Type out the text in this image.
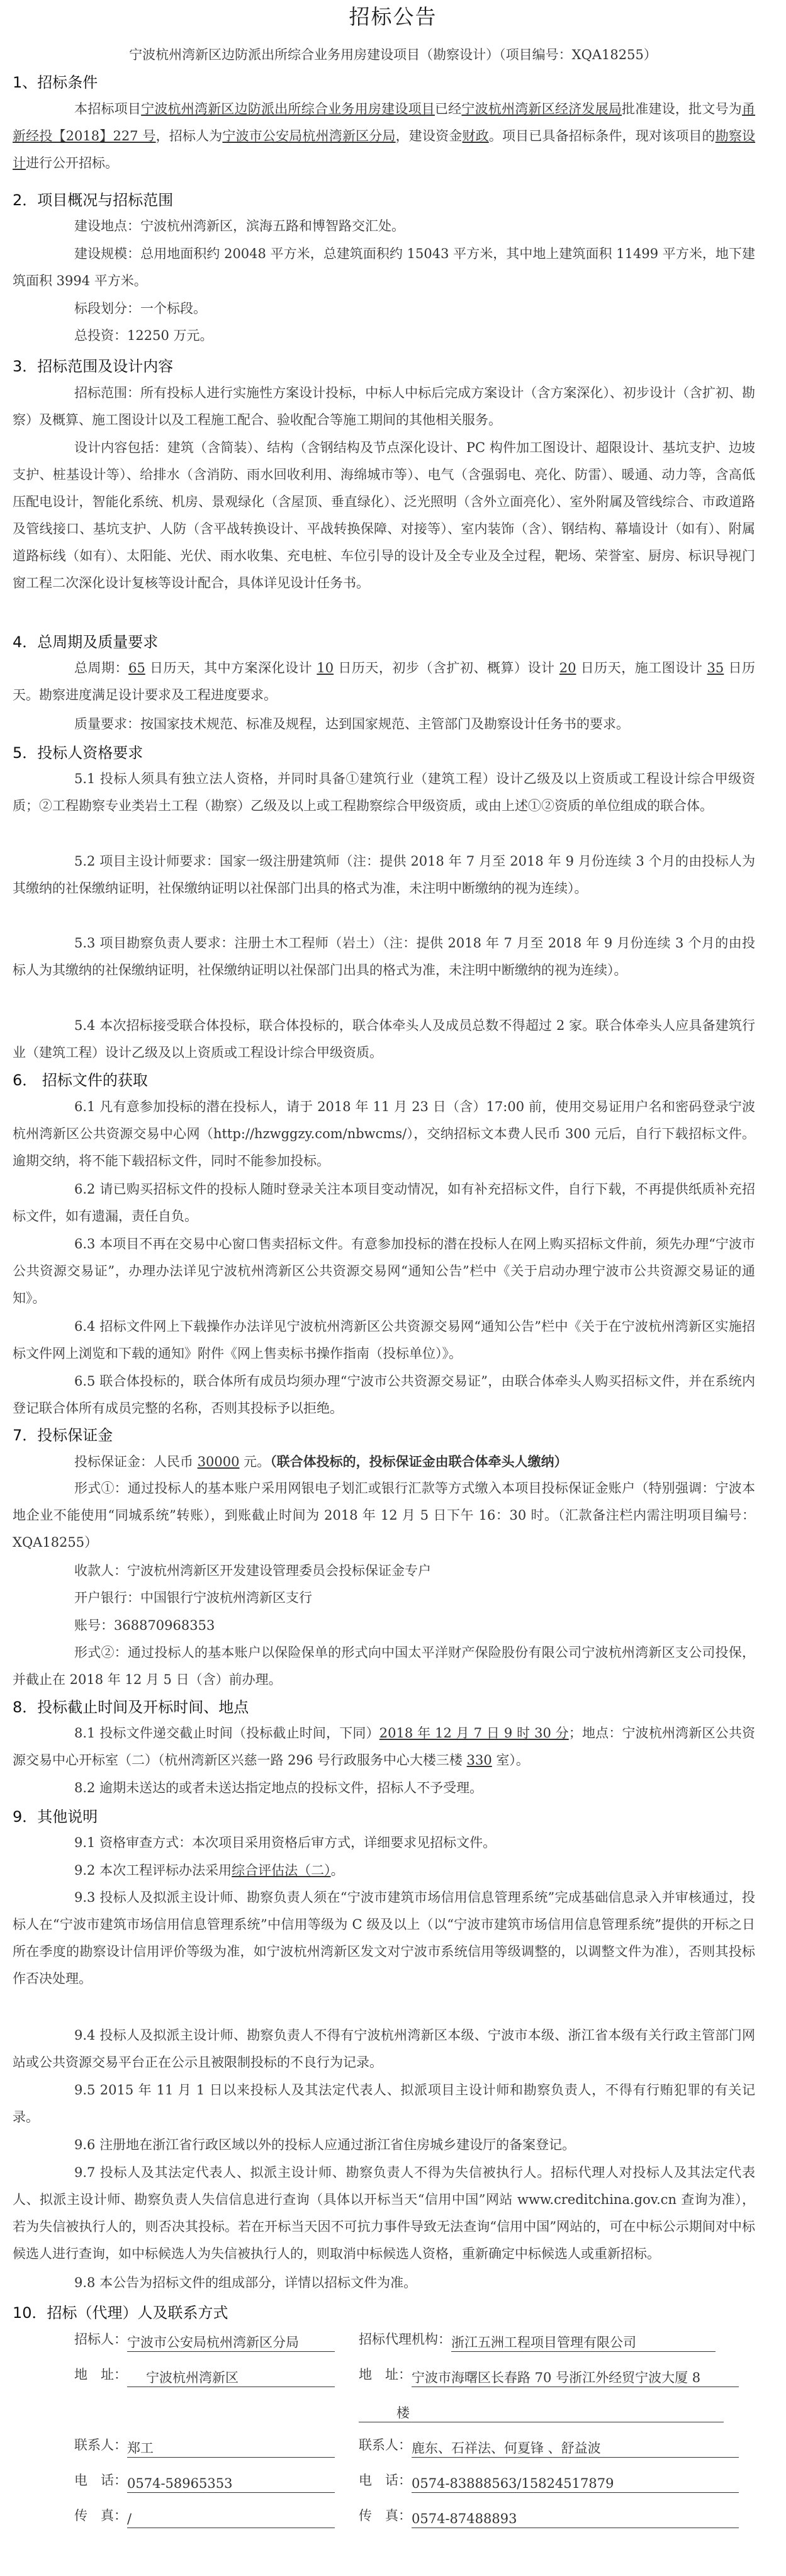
招标公告
宁波杭州湾新区边防派出所综合业务用房建设项目（勘察设计）（项目编号：XQA18255）
1、招标条件
本招标项目宁波杭州湾新区边防派出所综合业务用房建设项目已经宁波杭州湾新区经济发展局批准建设，批文号为甬新经投【2018】227 号，招标人为宁波市公安局杭州湾新区分局，建设资金财政。项目已具备招标条件，现对该项目的勘察设计进行公开招标。
2．项目概况与招标范围
建设地点：宁波杭州湾新区，滨海五路和博智路交汇处。
建设规模：总用地面积约 20048 平方米，总建筑面积约 15043 平方米，其中地上建筑面积 11499 平方米，地下建筑面积 3994 平方米。
标段划分：一个标段。
总投资：12250 万元。
3．招标范围及设计内容
招标范围：所有投标人进行实施性方案设计投标，中标人中标后完成方案设计（含方案深化）、初步设计（含扩初、勘察）及概算、施工图设计以及工程施工配合、验收配合等施工期间的其他相关服务。
设计内容包括：建筑（含简装）、结构（含钢结构及节点深化设计、PC 构件加工图设计、超限设计、基坑支护、边坡支护、桩基设计等）、给排水（含消防、雨水回收利用、海绵城市等）、电气（含强弱电、亮化、防雷）、暖通、动力等，含高低压配电设计，智能化系统、机房、景观绿化（含屋顶、垂直绿化）、泛光照明（含外立面亮化）、室外附属及管线综合、市政道路及管线接口、基坑支护、人防（含平战转换设计、平战转换保障、对接等）、室内装饰（含）、钢结构、幕墙设计（如有）、附属道路标线（如有）、太阳能、光伏、雨水收集、充电桩、车位引导的设计及全专业及全过程，靶场、荣誉室、厨房、标识导视门窗工程二次深化设计复核等设计配合，具体详见设计任务书。
4．总周期及质量要求
总周期：65 日历天，其中方案深化设计 10 日历天，初步（含扩初、概算）设计 20 日历天，施工图设计 35 日历天。勘察进度满足设计要求及工程进度要求。
质量要求：按国家技术规范、标准及规程，达到国家规范、主管部门及勘察设计任务书的要求。
5．投标人资格要求
5.1 投标人须具有独立法人资格，并同时具备①建筑行业（建筑工程）设计乙级及以上资质或工程设计综合甲级资质；②工程勘察专业类岩土工程（勘察）乙级及以上或工程勘察综合甲级资质，或由上述①②资质的单位组成的联合体。
5.2 项目主设计师要求：国家一级注册建筑师（注：提供 2018 年 7 月至 2018 年 9 月份连续 3 个月的由投标人为其缴纳的社保缴纳证明，社保缴纳证明以社保部门出具的格式为准，未注明中断缴纳的视为连续）。
5.3 项目勘察负责人要求：注册土木工程师（岩土）（注：提供 2018 年 7 月至 2018 年 9 月份连续 3 个月的由投标人为其缴纳的社保缴纳证明，社保缴纳证明以社保部门出具的格式为准，未注明中断缴纳的视为连续）。
5.4 本次招标接受联合体投标，联合体投标的，联合体牵头人及成员总数不得超过 2 家。联合体牵头人应具备建筑行业（建筑工程）设计乙级及以上资质或工程设计综合甲级资质。
6． 招标文件的获取
6.1 凡有意参加投标的潜在投标人，请于 2018 年 11 月 23 日（含）17:00 前，使用交易证用户名和密码登录宁波杭州湾新区公共资源交易中心网（http://hzwggzy.com/nbwcms/），交纳招标文本费人民币 300 元后，自行下载招标文件。逾期交纳，将不能下载招标文件，同时不能参加投标。
6.2 请已购买招标文件的投标人随时登录关注本项目变动情况，如有补充招标文件，自行下载，不再提供纸质补充招标文件，如有遗漏，责任自负。
6.3 本项目不再在交易中心窗口售卖招标文件。有意参加投标的潜在投标人在网上购买招标文件前，须先办理“宁波市公共资源交易证”，办理办法详见宁波杭州湾新区公共资源交易网“通知公告”栏中《关于启动办理宁波市公共资源交易证的通知》。
6.4 招标文件网上下载操作办法详见宁波杭州湾新区公共资源交易网“通知公告”栏中《关于在宁波杭州湾新区实施招标文件网上浏览和下载的通知》附件《网上售卖标书操作指南（投标单位）》。
6.5 联合体投标的，联合体所有成员均须办理“宁波市公共资源交易证”，由联合体牵头人购买招标文件，并在系统内登记联合体所有成员完整的名称，否则其投标予以拒绝。
7．投标保证金
投标保证金：人民币 30000 元。（联合体投标的，投标保证金由联合体牵头人缴纳）
形式①：通过投标人的基本账户采用网银电子划汇或银行汇款等方式缴入本项目投标保证金账户（特别强调：宁波本地企业不能使用“同城系统”转账），到账截止时间为 2018 年 12 月 5 日下午 16：30 时。（汇款备注栏内需注明项目编号：XQA18255）
收款人：宁波杭州湾新区开发建设管理委员会投标保证金专户
开户银行：中国银行宁波杭州湾新区支行
账号：368870968353
形式②：通过投标人的基本账户以保险保单的形式向中国太平洋财产保险股份有限公司宁波杭州湾新区支公司投保，并截止在 2018 年 12 月 5 日（含）前办理。
8．投标截止时间及开标时间、地点
8.1 投标文件递交截止时间（投标截止时间，下同）2018 年 12 月 7 日 9 时 30 分；地点：宁波杭州湾新区公共资源交易中心开标室（二）（杭州湾新区兴慈一路 296 号行政服务中心大楼三楼 330 室）。
8.2 逾期未送达的或者未送达指定地点的投标文件，招标人不予受理。
9．其他说明
9.1 资格审查方式：本次项目采用资格后审方式，详细要求见招标文件。
9.2 本次工程评标办法采用综合评估法（二）。
9.3 投标人及拟派主设计师、勘察负责人须在“宁波市建筑市场信用信息管理系统”完成基础信息录入并审核通过，投标人在“宁波市建筑市场信用信息管理系统”中信用等级为 C 级及以上（以“宁波市建筑市场信用信息管理系统”提供的开标之日所在季度的勘察设计信用评价等级为准，如宁波杭州湾新区发文对宁波市系统信用等级调整的，以调整文件为准），否则其投标作否决处理。
9.4 投标人及拟派主设计师、勘察负责人不得有宁波杭州湾新区本级、宁波市本级、浙江省本级有关行政主管部门网站或公共资源交易平台正在公示且被限制投标的不良行为记录。
9.5 2015 年 11 月 1 日以来投标人及其法定代表人、拟派项目主设计师和勘察负责人，不得有行贿犯罪的有关记录。
9.6 注册地在浙江省行政区域以外的投标人应通过浙江省住房城乡建设厅的备案登记。
9.7 投标人及其法定代表人、拟派主设计师、勘察负责人不得为失信被执行人。招标代理人对投标人及其法定代表人、拟派主设计师、勘察负责人失信信息进行查询（具体以开标当天“信用中国”网站 www.creditchina.gov.cn 查询为准），若为失信被执行人的，则否决其投标。若在开标当天因不可抗力事件导致无法查询“信用中国”网站的，可在中标公示期间对中标候选人进行查询，如中标候选人为失信被执行人的，则取消中标候选人资格，重新确定中标候选人或重新招标。
9.8 本公告为招标文件的组成部分，详情以招标文件为准。
10．招标（代理）人及联系方式
招标人：宁波市公安局杭州湾新区分局
地　址： 宁波杭州湾新区
联系人：郑工
电　话：0574-58965353
传　真：/
招标代理机构：浙江五洲工程项目管理有限公司
地　址：宁波市海曙区长春路 70 号浙江外经贸宁波大厦 8
楼
联系人：鹿东、石祥法、何夏锋 、舒益波
电　话：0574-83888563/15824517879
传　真：0574-87488893
